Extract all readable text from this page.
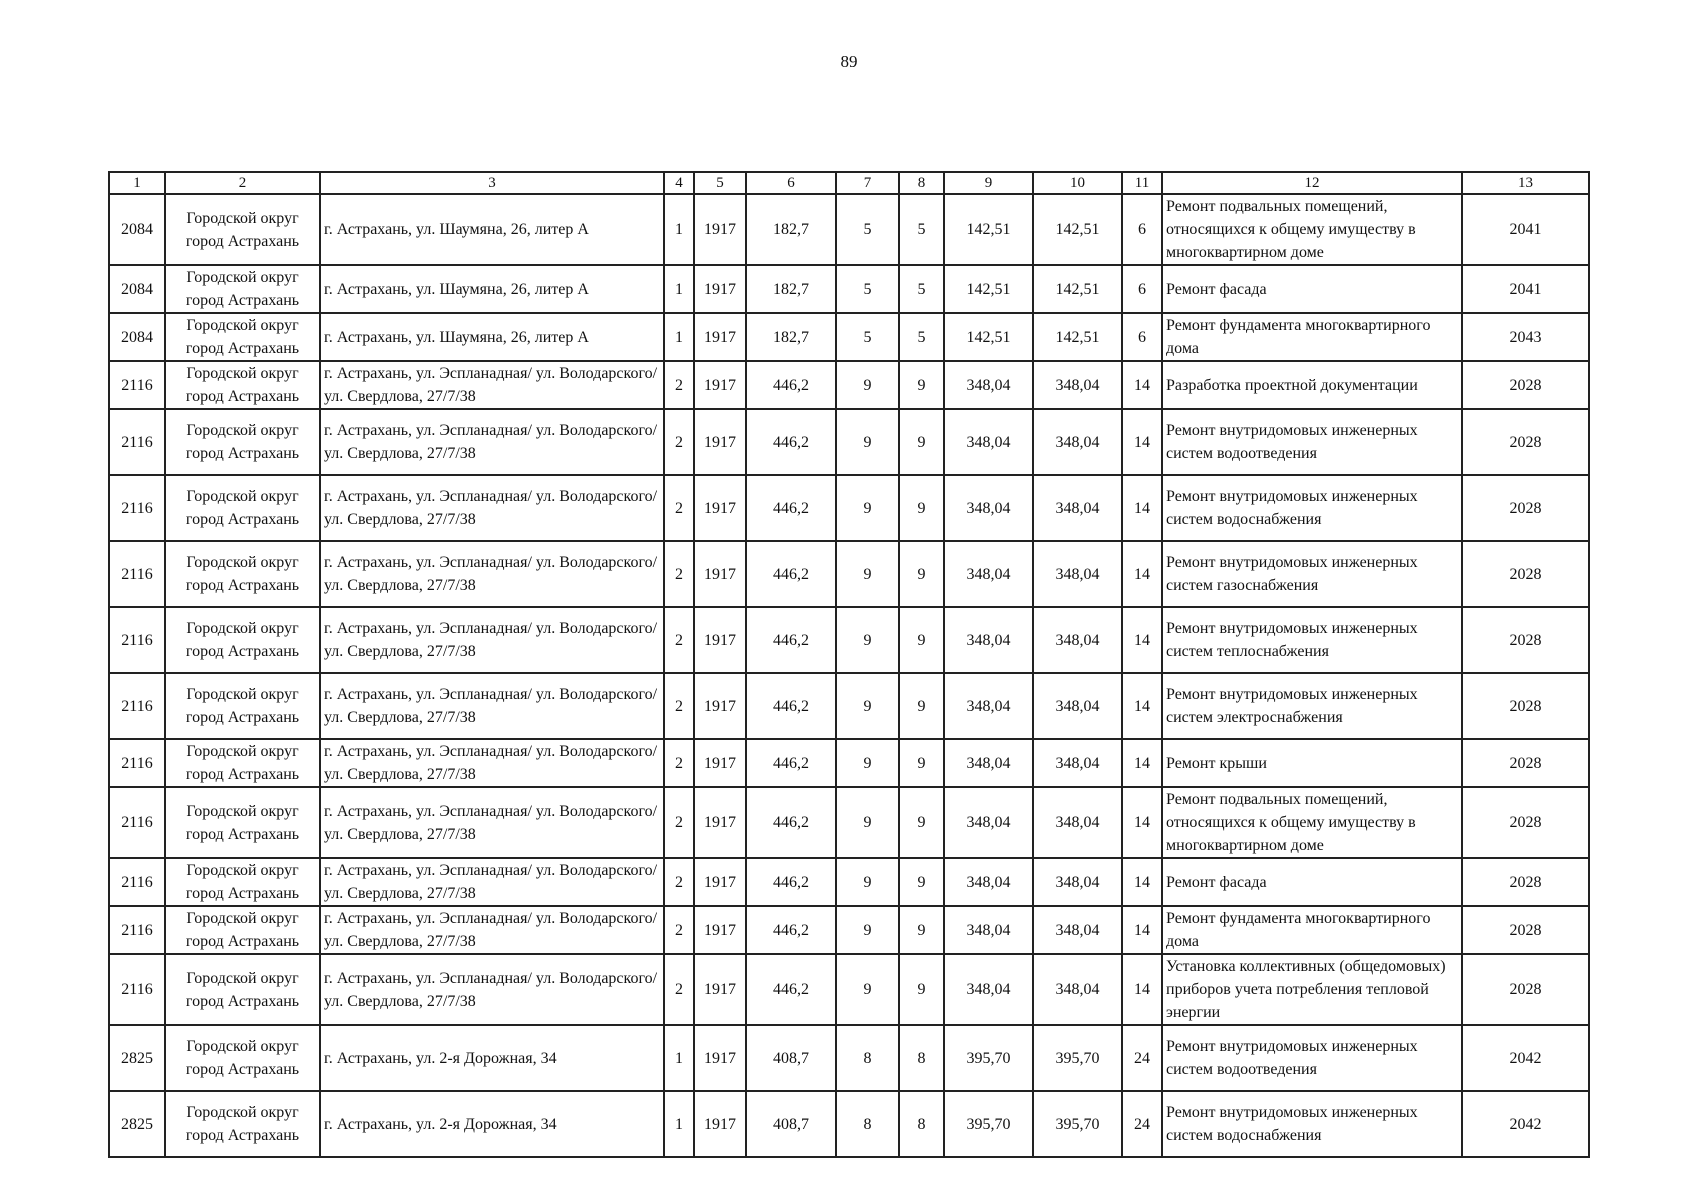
89
1	2	3	4	5	6	7	8	9	10	11	12	13
2084	Городской округ город Астрахань	г. Астрахань, ул. Шаумяна, 26, литер А	1	1917	182,7	5	5	142,51	142,51	6	Ремонт подвальных помещений, относящихся к общему имуществу в многоквартирном доме	2041
2084	Городской округ город Астрахань	г. Астрахань, ул. Шаумяна, 26, литер А	1	1917	182,7	5	5	142,51	142,51	6	Ремонт фасада	2041
2084	Городской округ город Астрахань	г. Астрахань, ул. Шаумяна, 26, литер А	1	1917	182,7	5	5	142,51	142,51	6	Ремонт фундамента многоквартирного дома	2043
2116	Городской округ город Астрахань	г. Астрахань, ул. Эспланадная/ ул. Володарского/ ул. Свердлова, 27/7/38	2	1917	446,2	9	9	348,04	348,04	14	Разработка проектной документации	2028
2116	Городской округ город Астрахань	г. Астрахань, ул. Эспланадная/ ул. Володарского/ ул. Свердлова, 27/7/38	2	1917	446,2	9	9	348,04	348,04	14	Ремонт внутридомовых инженерных систем водоотведения	2028
2116	Городской округ город Астрахань	г. Астрахань, ул. Эспланадная/ ул. Володарского/ ул. Свердлова, 27/7/38	2	1917	446,2	9	9	348,04	348,04	14	Ремонт внутридомовых инженерных систем водоснабжения	2028
2116	Городской округ город Астрахань	г. Астрахань, ул. Эспланадная/ ул. Володарского/ ул. Свердлова, 27/7/38	2	1917	446,2	9	9	348,04	348,04	14	Ремонт внутридомовых инженерных систем газоснабжения	2028
2116	Городской округ город Астрахань	г. Астрахань, ул. Эспланадная/ ул. Володарского/ ул. Свердлова, 27/7/38	2	1917	446,2	9	9	348,04	348,04	14	Ремонт внутридомовых инженерных систем теплоснабжения	2028
2116	Городской округ город Астрахань	г. Астрахань, ул. Эспланадная/ ул. Володарского/ ул. Свердлова, 27/7/38	2	1917	446,2	9	9	348,04	348,04	14	Ремонт внутридомовых инженерных систем электроснабжения	2028
2116	Городской округ город Астрахань	г. Астрахань, ул. Эспланадная/ ул. Володарского/ ул. Свердлова, 27/7/38	2	1917	446,2	9	9	348,04	348,04	14	Ремонт крыши	2028
2116	Городской округ город Астрахань	г. Астрахань, ул. Эспланадная/ ул. Володарского/ ул. Свердлова, 27/7/38	2	1917	446,2	9	9	348,04	348,04	14	Ремонт подвальных помещений, относящихся к общему имуществу в многоквартирном доме	2028
2116	Городской округ город Астрахань	г. Астрахань, ул. Эспланадная/ ул. Володарского/ ул. Свердлова, 27/7/38	2	1917	446,2	9	9	348,04	348,04	14	Ремонт фасада	2028
2116	Городской округ город Астрахань	г. Астрахань, ул. Эспланадная/ ул. Володарского/ ул. Свердлова, 27/7/38	2	1917	446,2	9	9	348,04	348,04	14	Ремонт фундамента многоквартирного дома	2028
2116	Городской округ город Астрахань	г. Астрахань, ул. Эспланадная/ ул. Володарского/ ул. Свердлова, 27/7/38	2	1917	446,2	9	9	348,04	348,04	14	Установка коллективных (общедомовых) приборов учета потребления тепловой энергии	2028
2825	Городской округ город Астрахань	г. Астрахань, ул. 2-я Дорожная, 34	1	1917	408,7	8	8	395,70	395,70	24	Ремонт внутридомовых инженерных систем водоотведения	2042
2825	Городской округ город Астрахань	г. Астрахань, ул. 2-я Дорожная, 34	1	1917	408,7	8	8	395,70	395,70	24	Ремонт внутридомовых инженерных систем водоснабжения	2042
